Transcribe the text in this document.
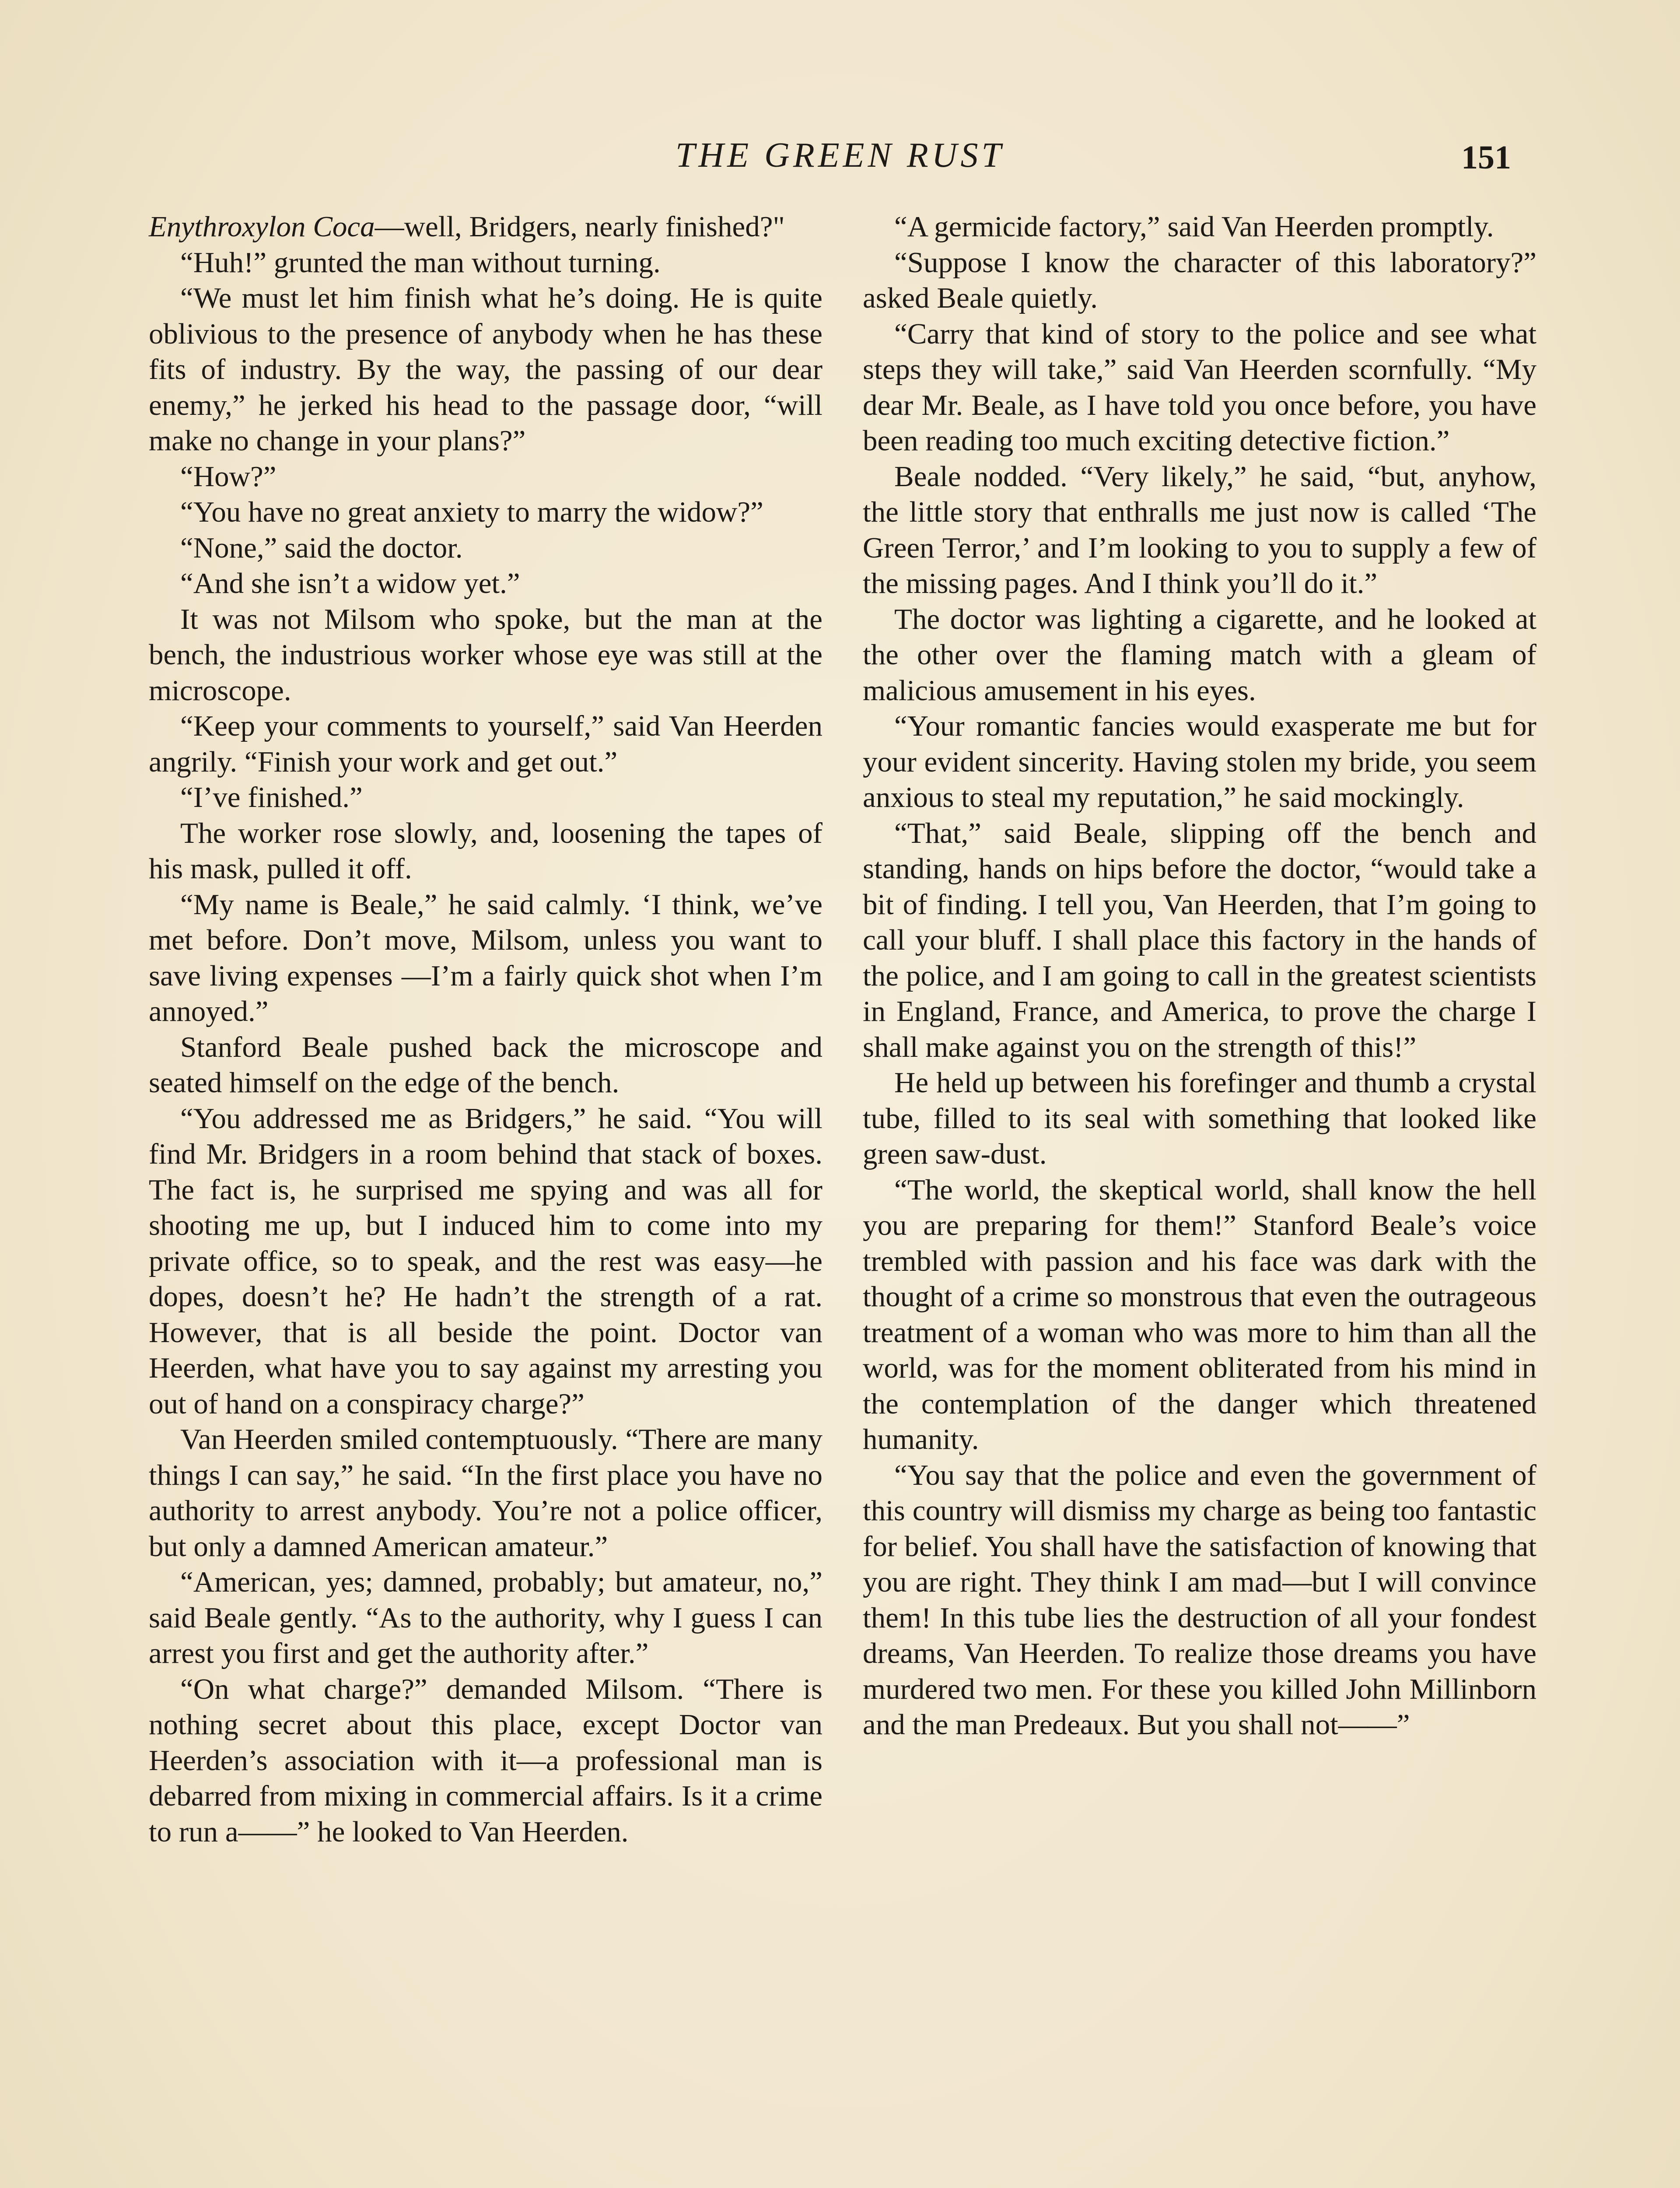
THE GREEN RUST	151

Enythroxylon Coca—well, Bridgers, nearly finished?"

“Huh!” grunted the man without turning.

“We must let him finish what he’s doing. He is quite oblivious to the presence of anybody when he has these fits of industry. By the way, the passing of our dear enemy,” he jerked his head to the passage door, “will make no change in your plans?”

“How?”

“You have no great anxiety to marry the widow?”

“None,” said the doctor.

“And she isn’t a widow yet.”

It was not Milsom who spoke, but the man at the bench, the industrious worker whose eye was still at the microscope.

“Keep your comments to yourself,” said Van Heerden angrily. “Finish your work and get out.”

“I’ve finished.”

The worker rose slowly, and, loosening the tapes of his mask, pulled it off.

“My name is Beale,” he said calmly. ‘I think, we’ve met before. Don’t move, Milsom, unless you want to save living expenses —I’m a fairly quick shot when I’m annoyed.”

Stanford Beale pushed back the microscope and seated himself on the edge of the bench.

“You addressed me as Bridgers,” he said. “You will find Mr. Bridgers in a room behind that stack of boxes. The fact is, he surprised me spying and was all for shooting me up, but I induced him to come into my private office, so to speak, and the rest was easy—he dopes, doesn’t he? He hadn’t the strength of a rat. However, that is all beside the point. Doctor van Heerden, what have you to say against my arresting you out of hand on a conspiracy charge?”

Van Heerden smiled contemptuously. “There are many things I can say,” he said. “In the first place you have no authority to arrest anybody. You’re not a police officer, but only a damned American amateur.”

“American, yes; damned, probably; but amateur, no,” said Beale gently. “As to the authority, why I guess I can arrest you first and get the authority after.”

“On what charge?” demanded Milsom. “There is nothing secret about this place, except Doctor van Heerden’s association with it—a professional man is debarred from mixing in commercial affairs. Is it a crime to run a——” he looked to Van Heerden.

“A germicide factory,” said Van Heerden promptly.

“Suppose I know the character of this laboratory?” asked Beale quietly.

“Carry that kind of story to the police and see what steps they will take,” said Van Heerden scornfully. “My dear Mr. Beale, as I have told you once before, you have been reading too much exciting detective fiction.”

Beale nodded. “Very likely,” he said, “but, anyhow, the little story that enthralls me just now is called ‘The Green Terror,’ and I’m looking to you to supply a few of the missing pages. And I think you’ll do it.”

The doctor was lighting a cigarette, and he looked at the other over the flaming match with a gleam of malicious amusement in his eyes.

“Your romantic fancies would exasperate me but for your evident sincerity. Having stolen my bride, you seem anxious to steal my reputation,” he said mockingly.

“That,” said Beale, slipping off the bench and standing, hands on hips before the doctor, “would take a bit of finding. I tell you, Van Heerden, that I’m going to call your bluff. I shall place this factory in the hands of the police, and I am going to call in the greatest scientists in England, France, and America, to prove the charge I shall make against you on the strength of this!”

He held up between his forefinger and thumb a crystal tube, filled to its seal with something that looked like green saw-dust.

“The world, the skeptical world, shall know the hell you are preparing for them!” Stanford Beale’s voice trembled with passion and his face was dark with the thought of a crime so monstrous that even the outrageous treatment of a woman who was more to him than all the world, was for the moment obliterated from his mind in the contemplation of the danger which threatened humanity.

“You say that the police and even the government of this country will dismiss my charge as being too fantastic for belief. You shall have the satisfaction of knowing that you are right. They think I am mad—but I will convince them! In this tube lies the destruction of all your fondest dreams, Van Heerden. To realize those dreams you have murdered two men. For these you killed John Millinborn and the man Predeaux. But you shall not——”
